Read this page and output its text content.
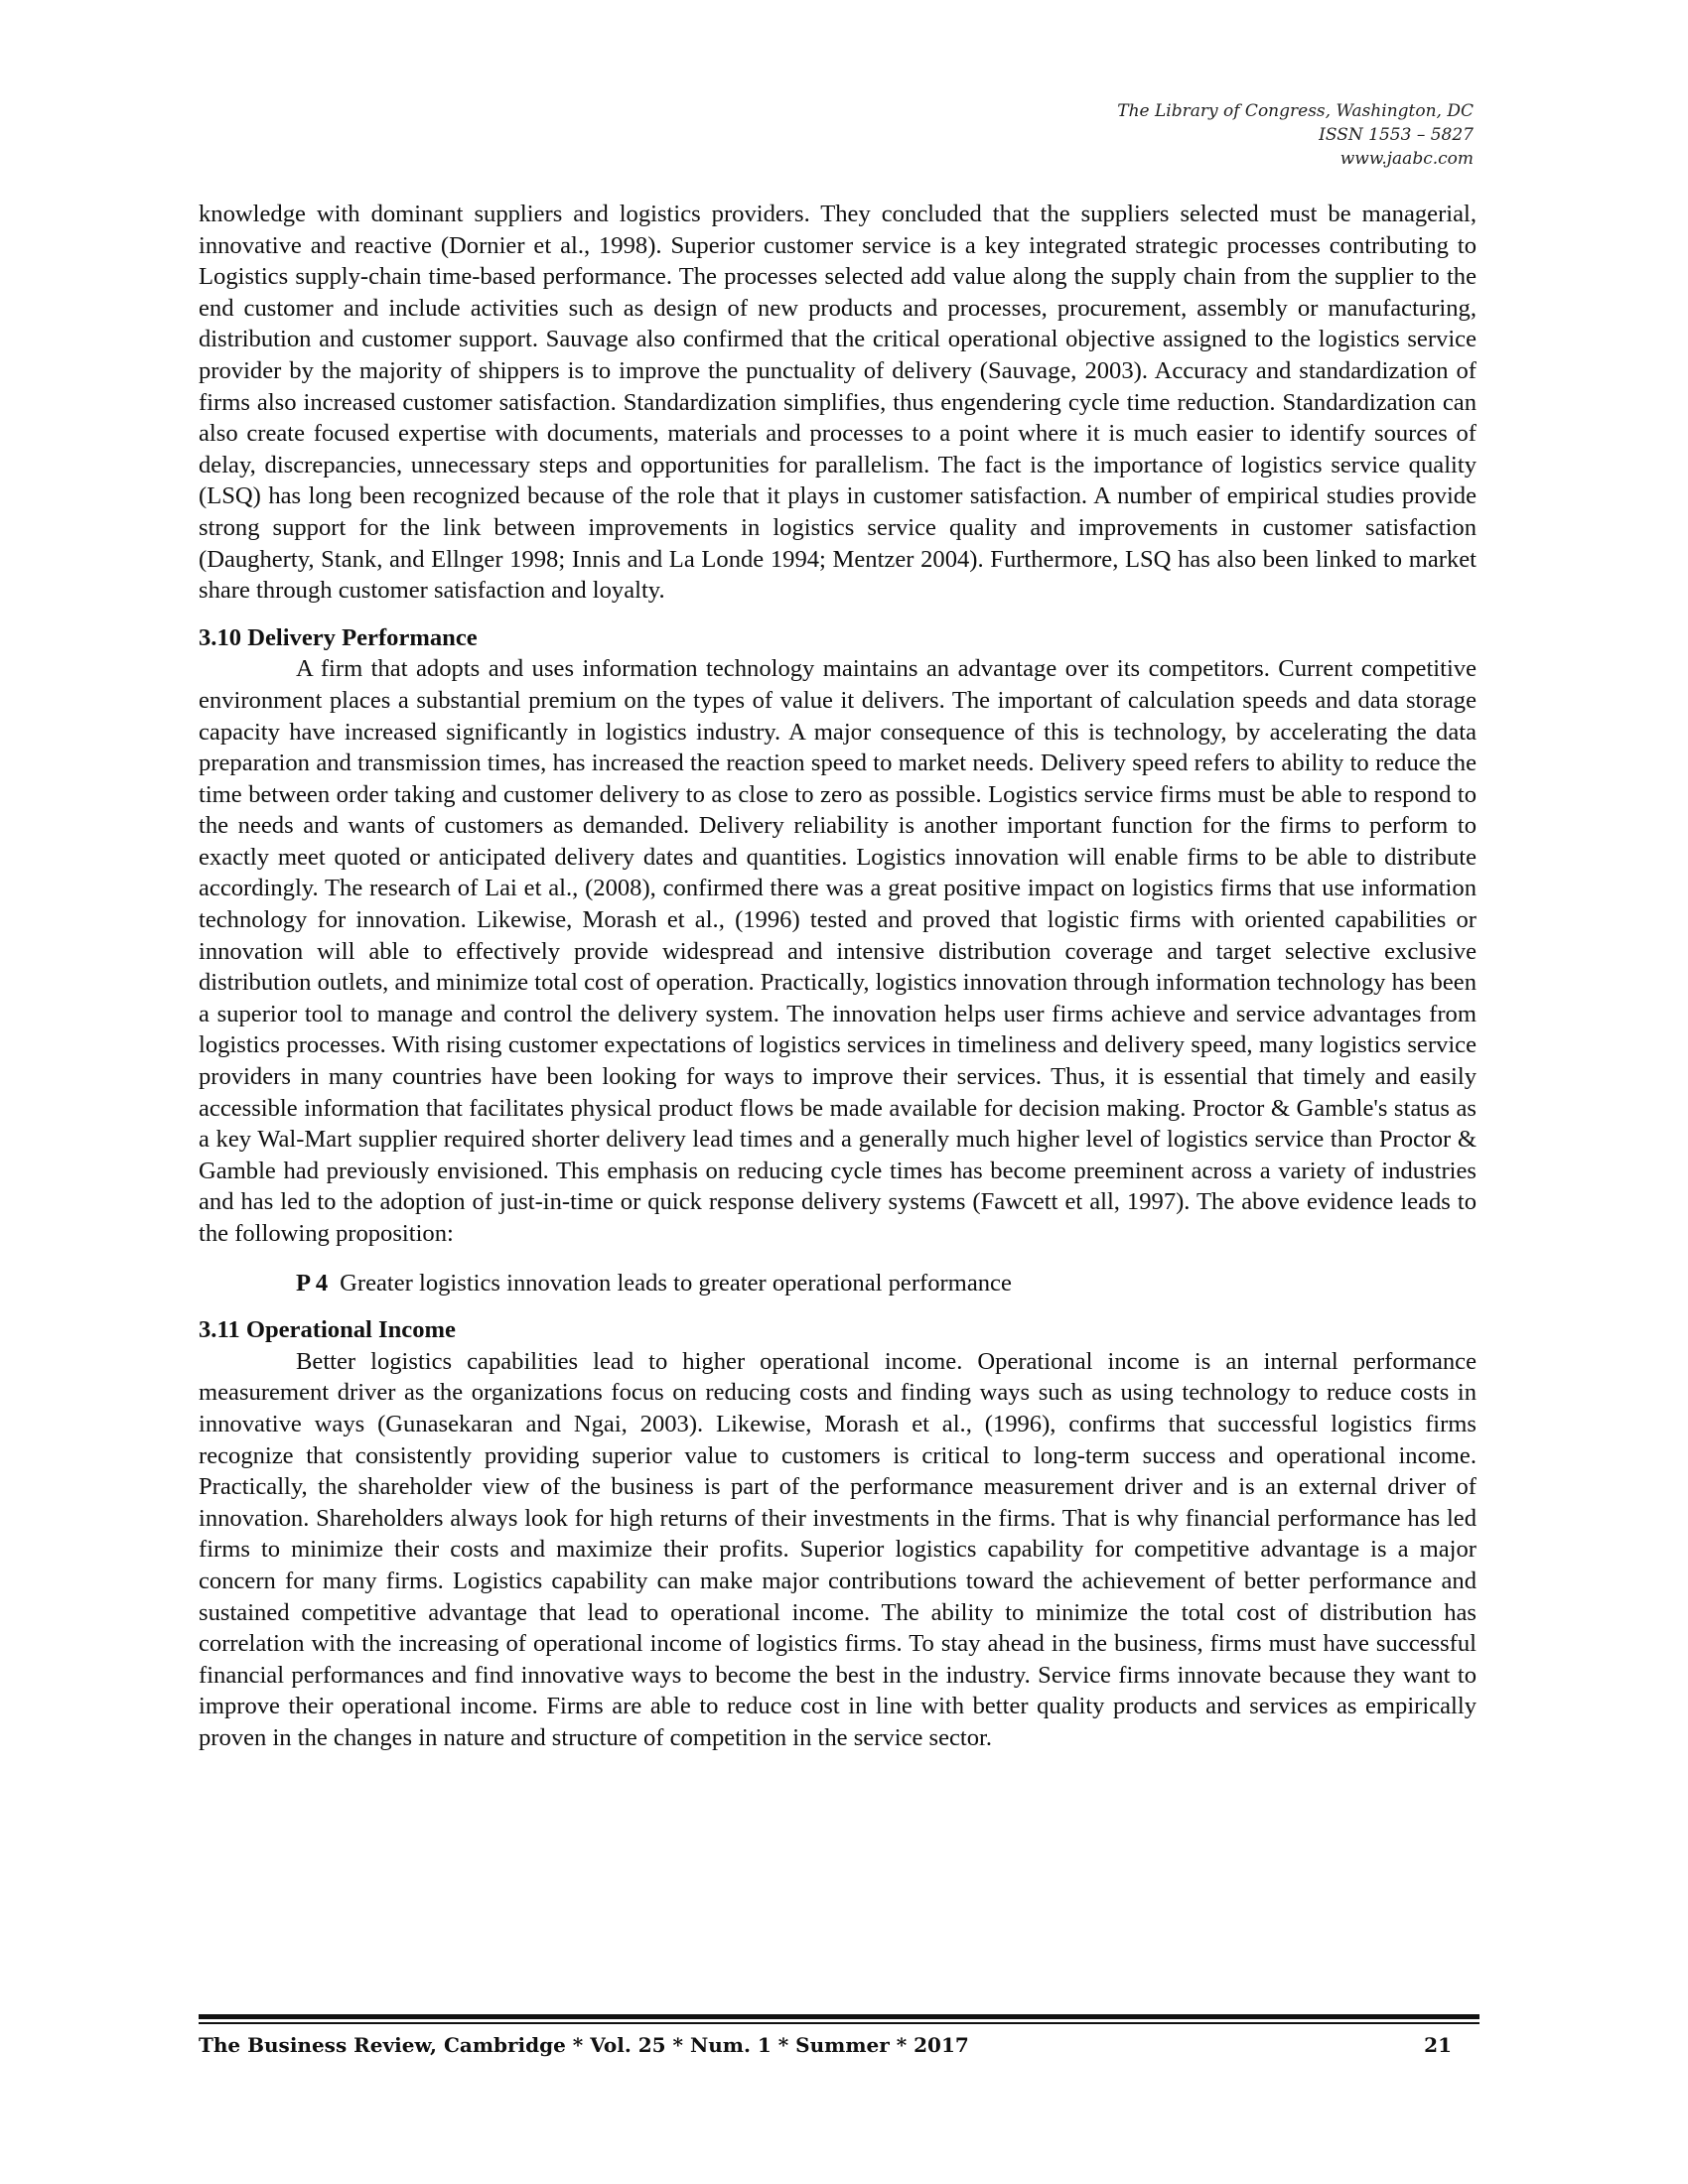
The Library of Congress, Washington, DC
ISSN 1553 – 5827
www.jaabc.com

knowledge with dominant suppliers and logistics providers. They concluded that the suppliers selected must be managerial, innovative and reactive (Dornier et al., 1998). Superior customer service is a key integrated strategic processes contributing to Logistics supply-chain time-based performance. The processes selected add value along the supply chain from the supplier to the end customer and include activities such as design of new products and processes, procurement, assembly or manufacturing, distribution and customer support. Sauvage also confirmed that the critical operational objective assigned to the logistics service provider by the majority of shippers is to improve the punctuality of delivery (Sauvage, 2003). Accuracy and standardization of firms also increased customer satisfaction. Standardization simplifies, thus engendering cycle time reduction. Standardization can also create focused expertise with documents, materials and processes to a point where it is much easier to identify sources of delay, discrepancies, unnecessary steps and opportunities for parallelism. The fact is the importance of logistics service quality (LSQ) has long been recognized because of the role that it plays in customer satisfaction. A number of empirical studies provide strong support for the link between improvements in logistics service quality and improvements in customer satisfaction (Daugherty, Stank, and Ellnger 1998; Innis and La Londe 1994; Mentzer 2004). Furthermore, LSQ has also been linked to market share through customer satisfaction and loyalty.

3.10 Delivery Performance

A firm that adopts and uses information technology maintains an advantage over its competitors. Current competitive environment places a substantial premium on the types of value it delivers. The important of calculation speeds and data storage capacity have increased significantly in logistics industry. A major consequence of this is technology, by accelerating the data preparation and transmission times, has increased the reaction speed to market needs. Delivery speed refers to ability to reduce the time between order taking and customer delivery to as close to zero as possible. Logistics service firms must be able to respond to the needs and wants of customers as demanded. Delivery reliability is another important function for the firms to perform to exactly meet quoted or anticipated delivery dates and quantities. Logistics innovation will enable firms to be able to distribute accordingly. The research of Lai et al., (2008), confirmed there was a great positive impact on logistics firms that use information technology for innovation. Likewise, Morash et al., (1996) tested and proved that logistic firms with oriented capabilities or innovation will able to effectively provide widespread and intensive distribution coverage and target selective exclusive distribution outlets, and minimize total cost of operation. Practically, logistics innovation through information technology has been a superior tool to manage and control the delivery system. The innovation helps user firms achieve and service advantages from logistics processes. With rising customer expectations of logistics services in timeliness and delivery speed, many logistics service providers in many countries have been looking for ways to improve their services. Thus, it is essential that timely and easily accessible information that facilitates physical product flows be made available for decision making. Proctor & Gamble's status as a key Wal-Mart supplier required shorter delivery lead times and a generally much higher level of logistics service than Proctor & Gamble had previously envisioned. This emphasis on reducing cycle times has become preeminent across a variety of industries and has led to the adoption of just-in-time or quick response delivery systems (Fawcett et all, 1997). The above evidence leads to the following proposition:

P 4 Greater logistics innovation leads to greater operational performance

3.11 Operational Income

Better logistics capabilities lead to higher operational income. Operational income is an internal performance measurement driver as the organizations focus on reducing costs and finding ways such as using technology to reduce costs in innovative ways (Gunasekaran and Ngai, 2003). Likewise, Morash et al., (1996), confirms that successful logistics firms recognize that consistently providing superior value to customers is critical to long-term success and operational income. Practically, the shareholder view of the business is part of the performance measurement driver and is an external driver of innovation. Shareholders always look for high returns of their investments in the firms. That is why financial performance has led firms to minimize their costs and maximize their profits. Superior logistics capability for competitive advantage is a major concern for many firms. Logistics capability can make major contributions toward the achievement of better performance and sustained competitive advantage that lead to operational income. The ability to minimize the total cost of distribution has correlation with the increasing of operational income of logistics firms. To stay ahead in the business, firms must have successful financial performances and find innovative ways to become the best in the industry. Service firms innovate because they want to improve their operational income. Firms are able to reduce cost in line with better quality products and services as empirically proven in the changes in nature and structure of competition in the service sector.

The Business Review, Cambridge * Vol. 25 * Num. 1 * Summer * 2017	21
